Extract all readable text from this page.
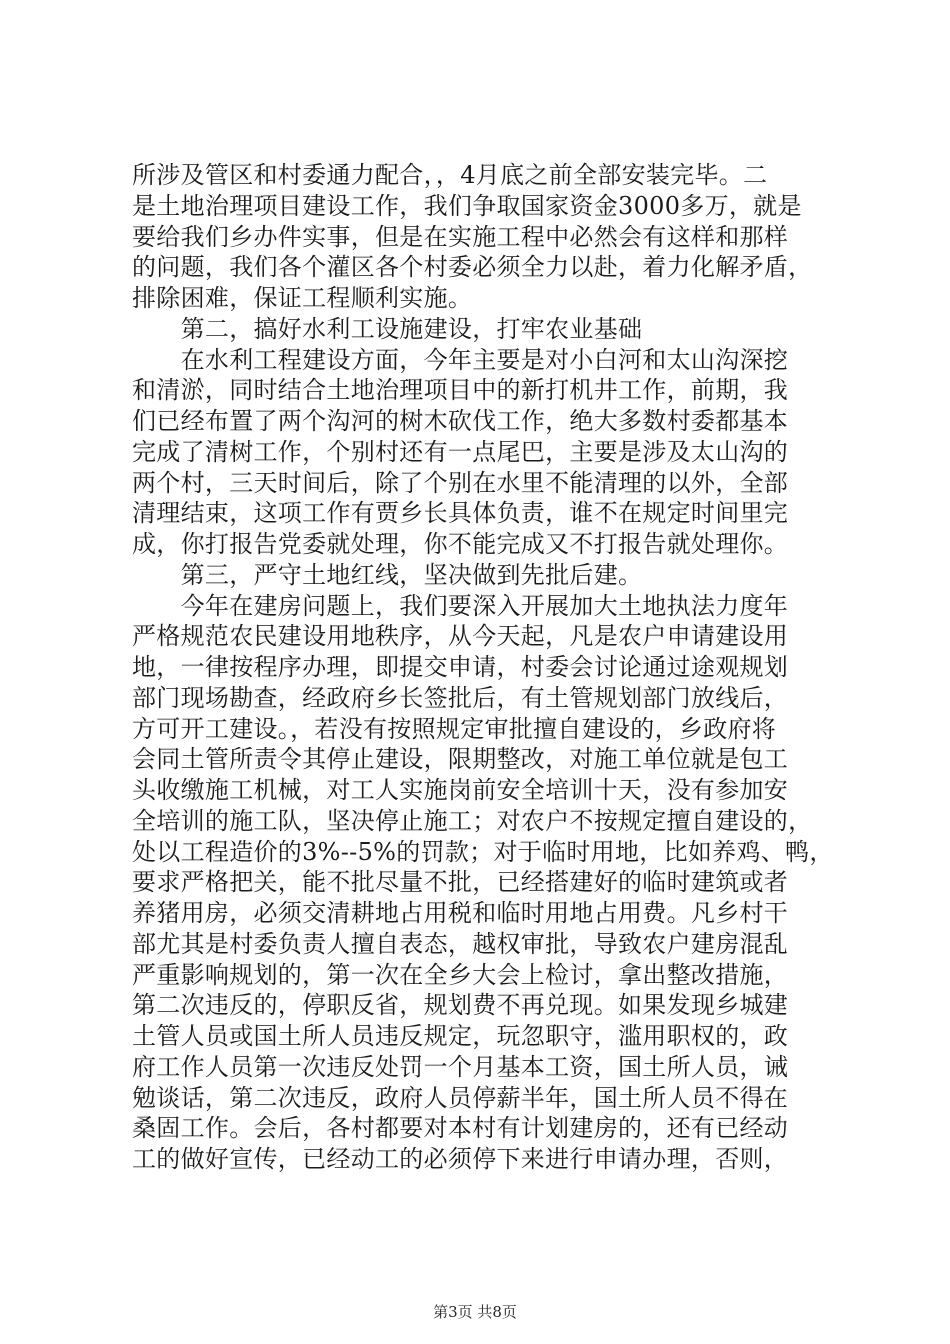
所涉及管区和村委通力配合，，4月底之前全部安装完毕。二
是土地治理项目建设工作，我们争取国家资金3000多万，就是
要给我们乡办件实事，但是在实施工程中必然会有这样和那样
的问题，我们各个灌区各个村委必须全力以赴，着力化解矛盾，
排除困难，保证工程顺利实施。
　　第二，搞好水利工设施建设，打牢农业基础
　　在水利工程建设方面，今年主要是对小白河和太山沟深挖
和清淤，同时结合土地治理项目中的新打机井工作，前期，我
们已经布置了两个沟河的树木砍伐工作，绝大多数村委都基本
完成了清树工作，个别村还有一点尾巴，主要是涉及太山沟的
两个村，三天时间后，除了个别在水里不能清理的以外，全部
清理结束，这项工作有贾乡长具体负责，谁不在规定时间里完
成，你打报告党委就处理，你不能完成又不打报告就处理你。
　　第三，严守土地红线，坚决做到先批后建。
　　今年在建房问题上，我们要深入开展加大土地执法力度年
严格规范农民建设用地秩序，从今天起，凡是农户申请建设用
地，一律按程序办理，即提交申请，村委会讨论通过途观规划
部门现场勘查，经政府乡长签批后，有土管规划部门放线后，
方可开工建设。，若没有按照规定审批擅自建设的，乡政府将
会同土管所责令其停止建设，限期整改，对施工单位就是包工
头收缴施工机械，对工人实施岗前安全培训十天，没有参加安
全培训的施工队，坚决停止施工；对农户不按规定擅自建设的，
处以工程造价的3%--5%的罚款；对于临时用地，比如养鸡、鸭，
要求严格把关，能不批尽量不批，已经搭建好的临时建筑或者
养猪用房，必须交清耕地占用税和临时用地占用费。凡乡村干
部尤其是村委负责人擅自表态，越权审批，导致农户建房混乱
严重影响规划的，第一次在全乡大会上检讨，拿出整改措施，
第二次违反的，停职反省，规划费不再兑现。如果发现乡城建
土管人员或国土所人员违反规定，玩忽职守，滥用职权的，政
府工作人员第一次违反处罚一个月基本工资，国土所人员，诫
勉谈话，第二次违反，政府人员停薪半年，国土所人员不得在
桑固工作。会后，各村都要对本村有计划建房的，还有已经动
工的做好宣传，已经动工的必须停下来进行申请办理，否则，
第3页 共8页
